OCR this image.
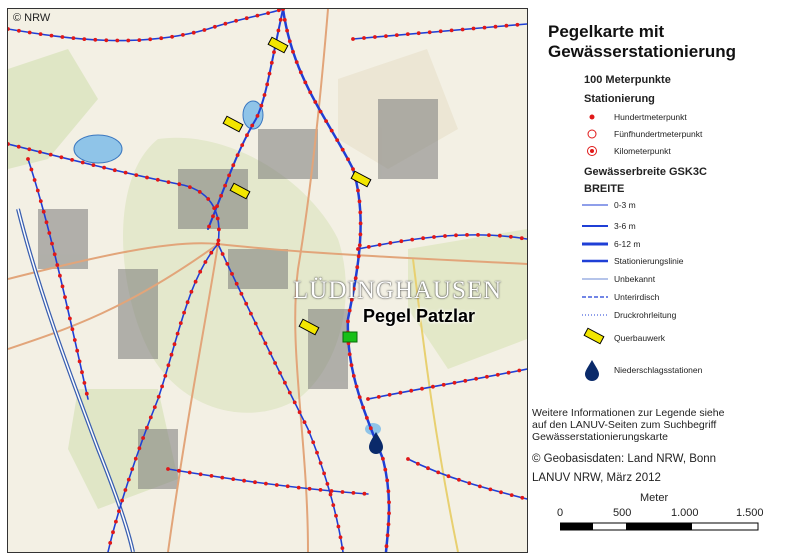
© NRW
LÜDINGHAUSEN
Pegel Patzlar
Pegelkarte mit
Gewässerstationierung
100 Meterpunkte
Stationierung
Hundertmeterpunkt
Fünfhundertmeterpunkt
Kilometerpunkt
Gewässerbreite GSK3C
BREITE
0-3 m
3-6 m
6-12 m
Stationierungslinie
Unbekannt
Unterirdisch
Druckrohrleitung
Querbauwerk
Niederschlagsstationen
Weitere Informationen zur Legende siehe
auf den LANUV-Seiten zum Suchbegriff
Gewässerstationierungskarte
© Geobasisdaten: Land NRW, Bonn
LANUV NRW, März 2012
Meter
0	500	1.000	1.500
